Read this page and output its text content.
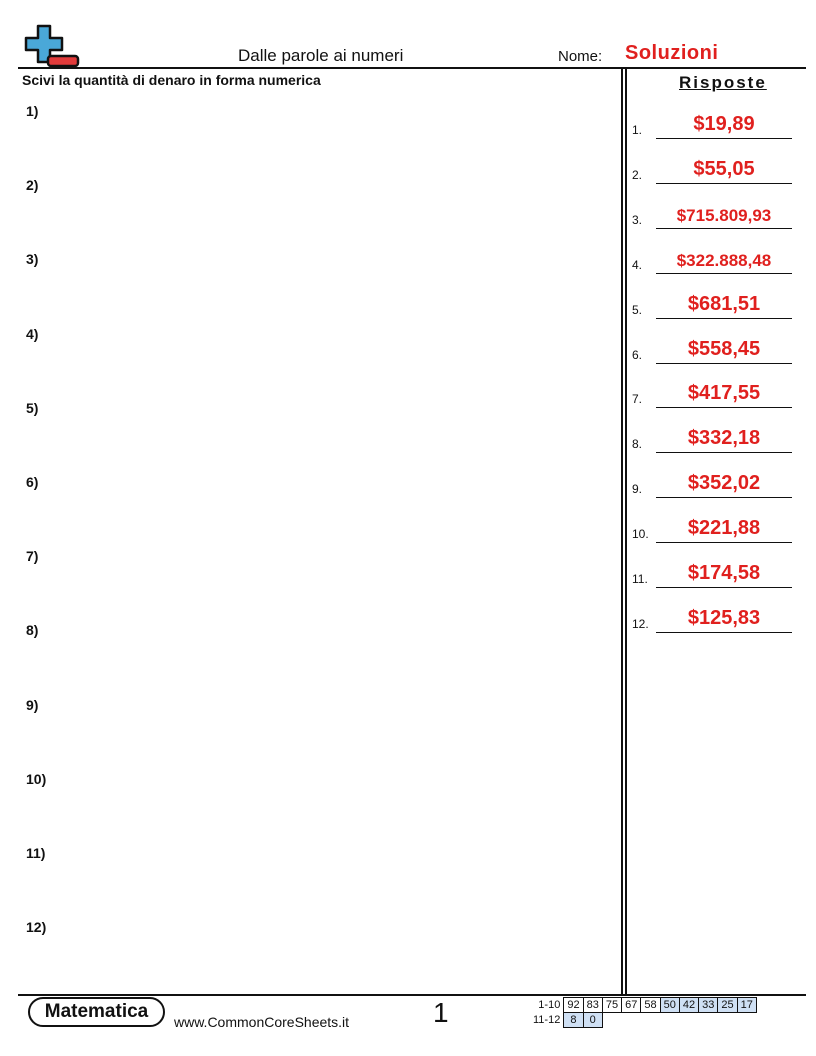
Dalle parole ai numeri	Nome: Soluzioni
Scivi la quantità di denaro in forma numerica
1)
2)
3)
4)
5)
6)
7)
8)
9)
10)
11)
12)
Risposte
1.	$19,89
2.	$55,05
3.	$715.809,93
4.	$322.888,48
5.	$681,51
6.	$558,45
7.	$417,55
8.	$332,18
9.	$352,02
10.	$221,88
11.	$174,58
12.	$125,83
Matematica	www.CommonCoreSheets.it	1	1-10	92	83	75	67	58	50	42	33	25	17
11-12	8	0								
